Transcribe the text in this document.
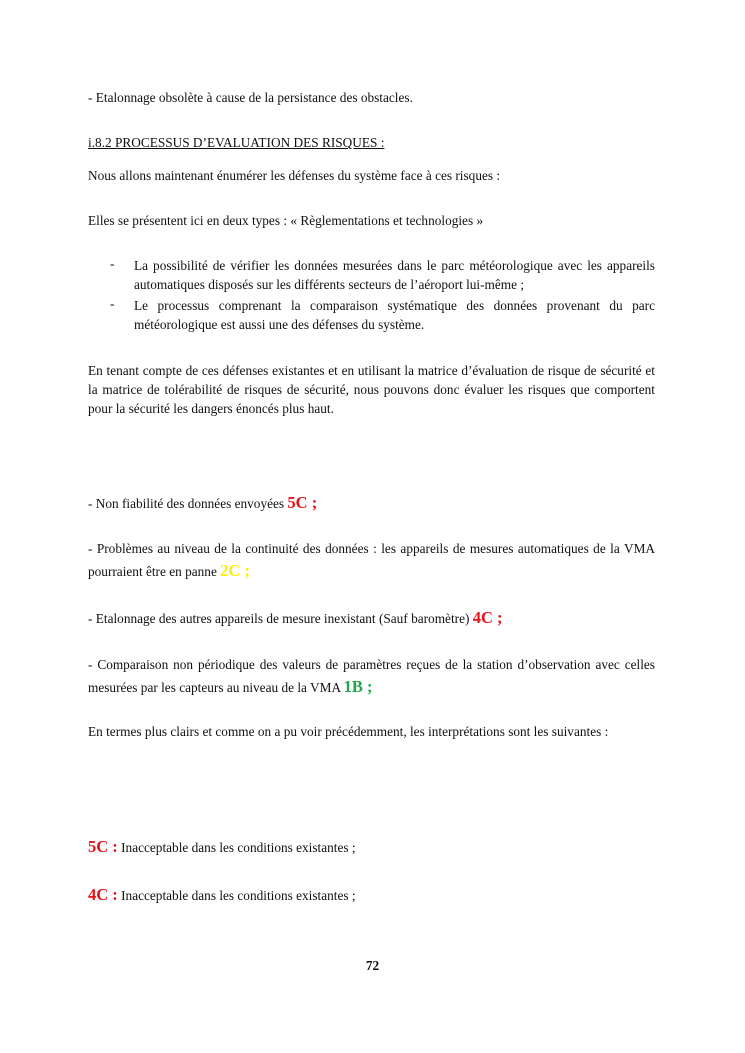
- Etalonnage obsolète à cause de la persistance des obstacles.

i.8.2 PROCESSUS D’EVALUATION DES RISQUES :

Nous allons maintenant énumérer les défenses du système face à ces risques :

Elles se présentent ici en deux types : « Règlementations et technologies »

- La possibilité de vérifier les données mesurées dans le parc météorologique avec les appareils automatiques disposés sur les différents secteurs de l’aéroport lui-même ;
- Le processus comprenant la comparaison systématique des données provenant du parc météorologique est aussi une des défenses du système.

En tenant compte de ces défenses existantes et en utilisant la matrice d’évaluation de risque de sécurité et la matrice de tolérabilité de risques de sécurité, nous pouvons donc évaluer les risques que comportent pour la sécurité les dangers énoncés plus haut.

- Non fiabilité des données envoyées 5C ;

- Problèmes au niveau de la continuité des données : les appareils de mesures automatiques de la VMA pourraient être en panne 2C ;

- Etalonnage des autres appareils de mesure inexistant (Sauf baromètre) 4C ;

- Comparaison non périodique des valeurs de paramètres reçues de la station d’observation avec celles mesurées par les capteurs au niveau de la VMA 1B ;

En termes plus clairs et comme on a pu voir précédemment, les interprétations sont les suivantes :

5C : Inacceptable dans les conditions existantes ;

4C : Inacceptable dans les conditions existantes ;

72
